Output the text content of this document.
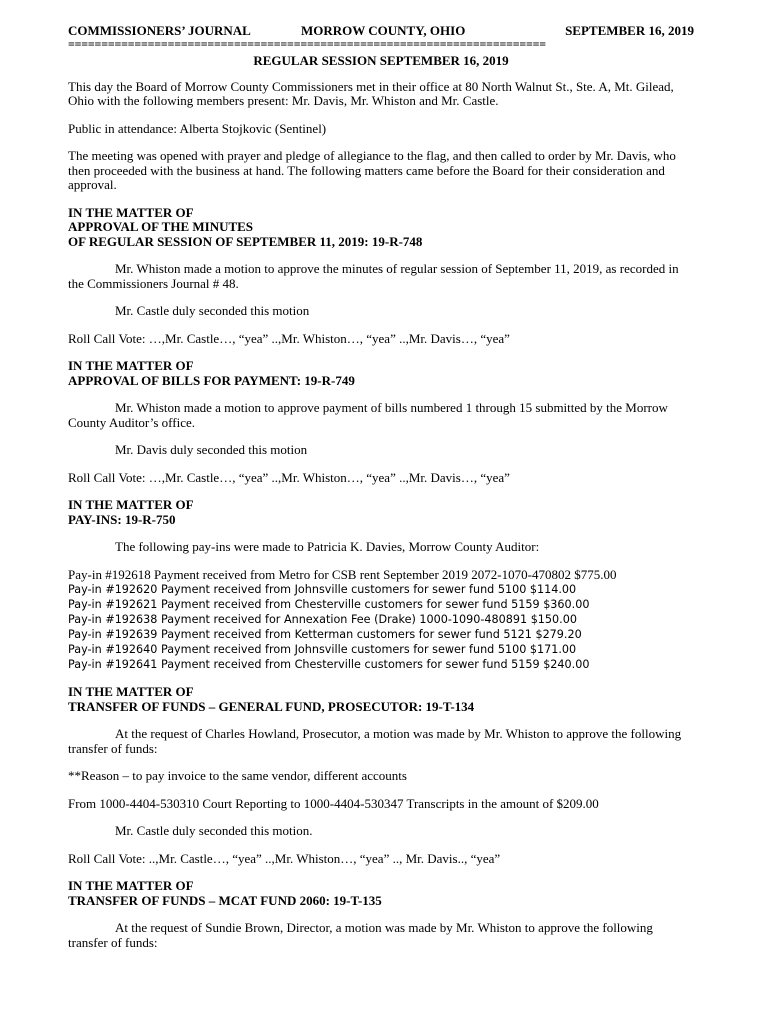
COMMISSIONERS’ JOURNAL	MORROW COUNTY, OHIO	SEPTEMBER 16, 2019
========================================================================
REGULAR SESSION SEPTEMBER 16, 2019

This day the Board of Morrow County Commissioners met in their office at 80 North Walnut St., Ste. A, Mt. Gilead, Ohio with the following members present: Mr. Davis, Mr. Whiston and Mr. Castle.

Public in attendance: Alberta Stojkovic (Sentinel)

The meeting was opened with prayer and pledge of allegiance to the flag, and then called to order by Mr. Davis, who then proceeded with the business at hand. The following matters came before the Board for their consideration and approval.

IN THE MATTER OF
APPROVAL OF THE MINUTES
OF REGULAR SESSION OF SEPTEMBER 11, 2019: 19-R-748

Mr. Whiston made a motion to approve the minutes of regular session of September 11, 2019, as recorded in the Commissioners Journal # 48.

Mr. Castle duly seconded this motion

Roll Call Vote: …,Mr. Castle…, “yea” ..,Mr. Whiston…, “yea” ..,Mr. Davis…, “yea”

IN THE MATTER OF
APPROVAL OF BILLS FOR PAYMENT: 19-R-749

Mr. Whiston made a motion to approve payment of bills numbered 1 through 15 submitted by the Morrow County Auditor’s office.

Mr. Davis duly seconded this motion

Roll Call Vote: …,Mr. Castle…, “yea” ..,Mr. Whiston…, “yea” ..,Mr. Davis…, “yea”

IN THE MATTER OF
PAY-INS: 19-R-750

The following pay-ins were made to Patricia K. Davies, Morrow County Auditor:

Pay-in #192618 Payment received from Metro for CSB rent September 2019 2072-1070-470802 $775.00

Pay-in #192620 Payment received from Johnsville customers for sewer fund 5100 $114.00
Pay-in #192621 Payment received from Chesterville customers for sewer fund 5159 $360.00
Pay-in #192638 Payment received for Annexation Fee (Drake) 1000-1090-480891 $150.00
Pay-in #192639 Payment received from Ketterman customers for sewer fund 5121 $279.20
Pay-in #192640 Payment received from Johnsville customers for sewer fund 5100 $171.00
Pay-in #192641 Payment received from Chesterville customers for sewer fund 5159 $240.00
IN THE MATTER OF
TRANSFER OF FUNDS – GENERAL FUND, PROSECUTOR: 19-T-134

At the request of Charles Howland, Prosecutor, a motion was made by Mr. Whiston to approve the following transfer of funds:

**Reason – to pay invoice to the same vendor, different accounts

From 1000-4404-530310 Court Reporting to 1000-4404-530347 Transcripts in the amount of $209.00

Mr. Castle duly seconded this motion.

Roll Call Vote: ..,Mr. Castle…, “yea” ..,Mr. Whiston…, “yea” .., Mr. Davis.., “yea”

IN THE MATTER OF
TRANSFER OF FUNDS – MCAT FUND 2060: 19-T-135

At the request of Sundie Brown, Director, a motion was made by Mr. Whiston to approve the following transfer of funds:
